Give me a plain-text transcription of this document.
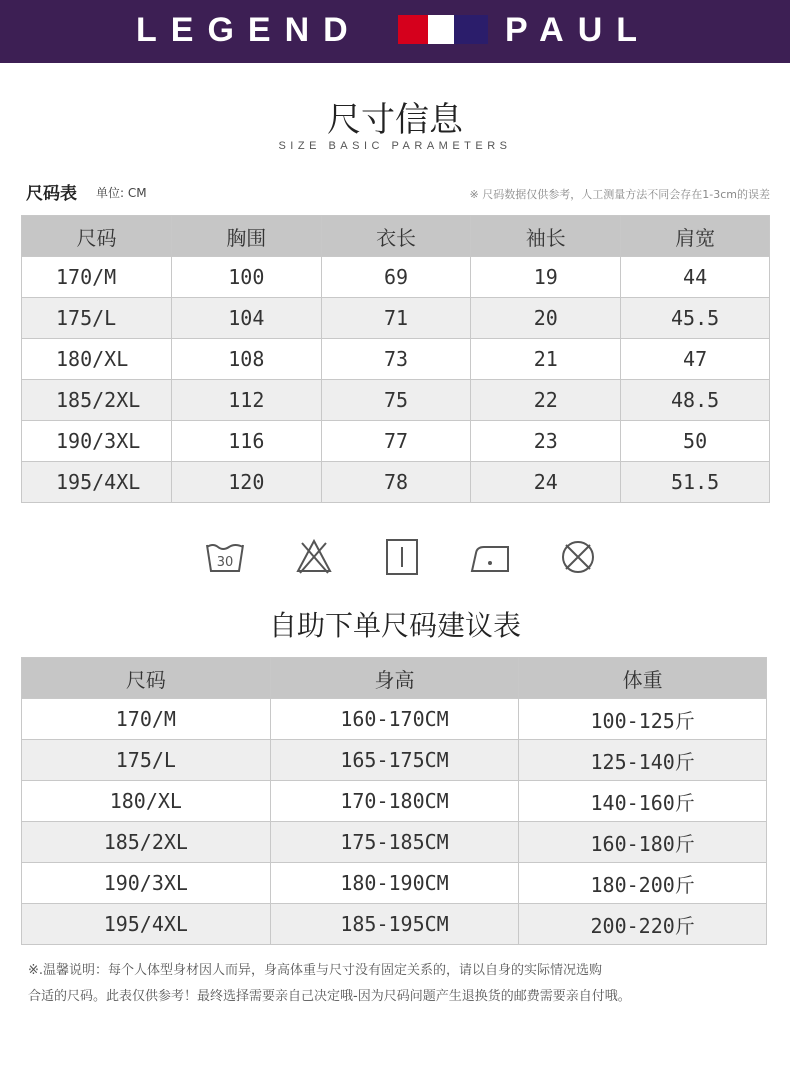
LEGEND	PAUL
尺寸信息
SIZE BASIC PARAMETERS
尺码表 单位: CM	※ 尺码数据仅供参考，人工测量方法不同会存在1-3cm的误差
尺码	胸围	衣长	袖长	肩宽
170/M	100	69	19	44
175/L	104	71	20	45.5
180/XL	108	73	21	47
185/2XL	112	75	22	48.5
190/3XL	116	77	23	50
195/4XL	120	78	24	51.5
30
自助下单尺码建议表
尺码	身高	体重
170/M	160-170CM	100-125斤
175/L	165-175CM	125-140斤
180/XL	170-180CM	140-160斤
185/2XL	175-185CM	160-180斤
190/3XL	180-190CM	180-200斤
195/4XL	185-195CM	200-220斤
※.温馨说明：每个人体型身材因人而异，身高体重与尺寸没有固定关系的，请以自身的实际情况选购
合适的尺码。此表仅供参考！最终选择需要亲自己决定哦-因为尺码问题产生退换货的邮费需要亲自付哦。
